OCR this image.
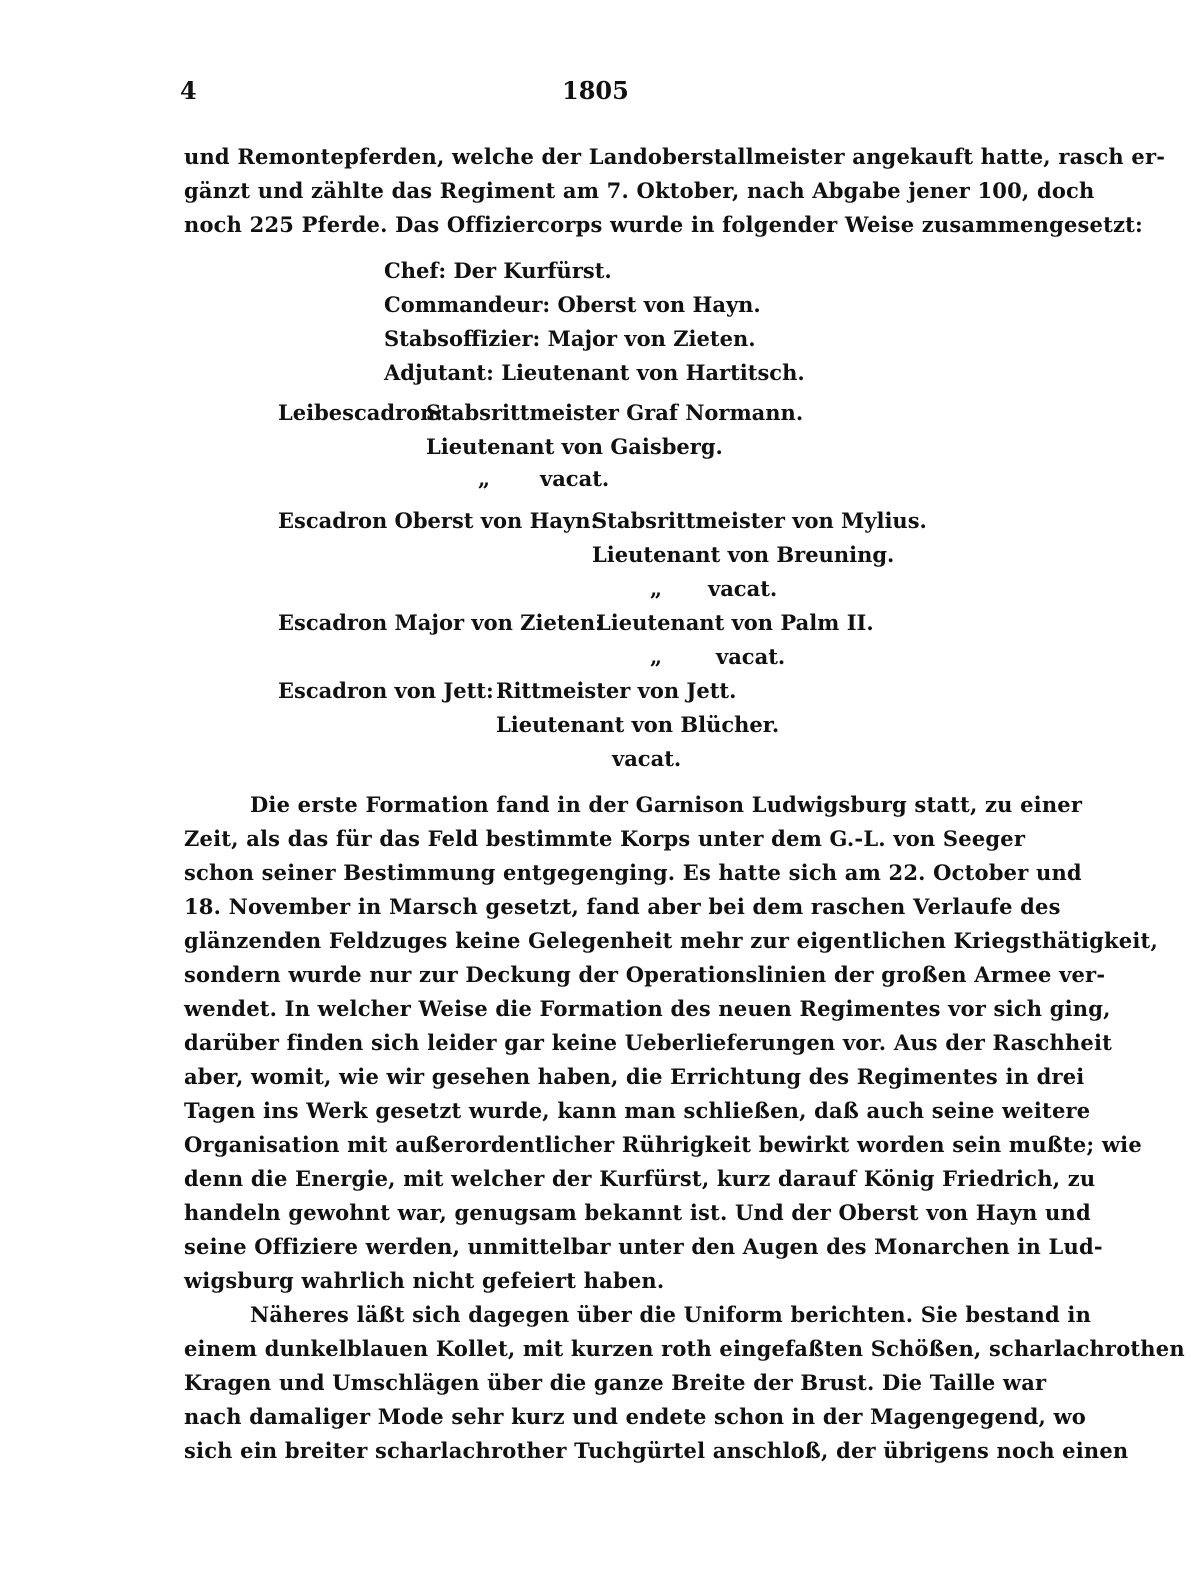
4	1805
und Remontepferden, welche der Landoberstallmeister angekauft hatte, rasch er-
gänzt und zählte das Regiment am 7. Oktober, nach Abgabe jener 100, doch
noch 225 Pferde. Das Offiziercorps wurde in folgender Weise zusammengesetzt:
Chef: Der Kurfürst.
Commandeur: Oberst von Hayn.
Stabsoffizier: Major von Zieten.
Adjutant: Lieutenant von Hartitsch.
Leibescadron:
Stabsrittmeister Graf Normann.
Lieutenant von Gaisberg.
„ vacat.
Escadron Oberst von Hayn:
Stabsrittmeister von Mylius.
Lieutenant von Breuning.
„ vacat.
Escadron Major von Zieten:
Lieutenant von Palm II.
„	vacat.
Escadron von Jett: Rittmeister von Jett.
Lieutenant von Blücher.
vacat.
Die erste Formation fand in der Garnison Ludwigsburg statt, zu einer
Zeit, als das für das Feld bestimmte Korps unter dem G.-L. von Seeger
schon seiner Bestimmung entgegenging. Es hatte sich am 22. October und
18. November in Marsch gesetzt, fand aber bei dem raschen Verlaufe des
glänzenden Feldzuges keine Gelegenheit mehr zur eigentlichen Kriegsthätigkeit,
sondern wurde nur zur Deckung der Operationslinien der großen Armee ver-
wendet. In welcher Weise die Formation des neuen Regimentes vor sich ging,
darüber finden sich leider gar keine Ueberlieferungen vor. Aus der Raschheit
aber, womit, wie wir gesehen haben, die Errichtung des Regimentes in drei
Tagen ins Werk gesetzt wurde, kann man schließen, daß auch seine weitere
Organisation mit außerordentlicher Rührigkeit bewirkt worden sein mußte; wie
denn die Energie, mit welcher der Kurfürst, kurz darauf König Friedrich, zu
handeln gewohnt war, genugsam bekannt ist. Und der Oberst von Hayn und
seine Offiziere werden, unmittelbar unter den Augen des Monarchen in Lud-
wigsburg wahrlich nicht gefeiert haben.
Näheres läßt sich dagegen über die Uniform berichten. Sie bestand in
einem dunkelblauen Kollet, mit kurzen roth eingefaßten Schößen, scharlachrothen
Kragen und Umschlägen über die ganze Breite der Brust. Die Taille war
nach damaliger Mode sehr kurz und endete schon in der Magengegend, wo
sich ein breiter scharlachrother Tuchgürtel anschloß, der übrigens noch einen
